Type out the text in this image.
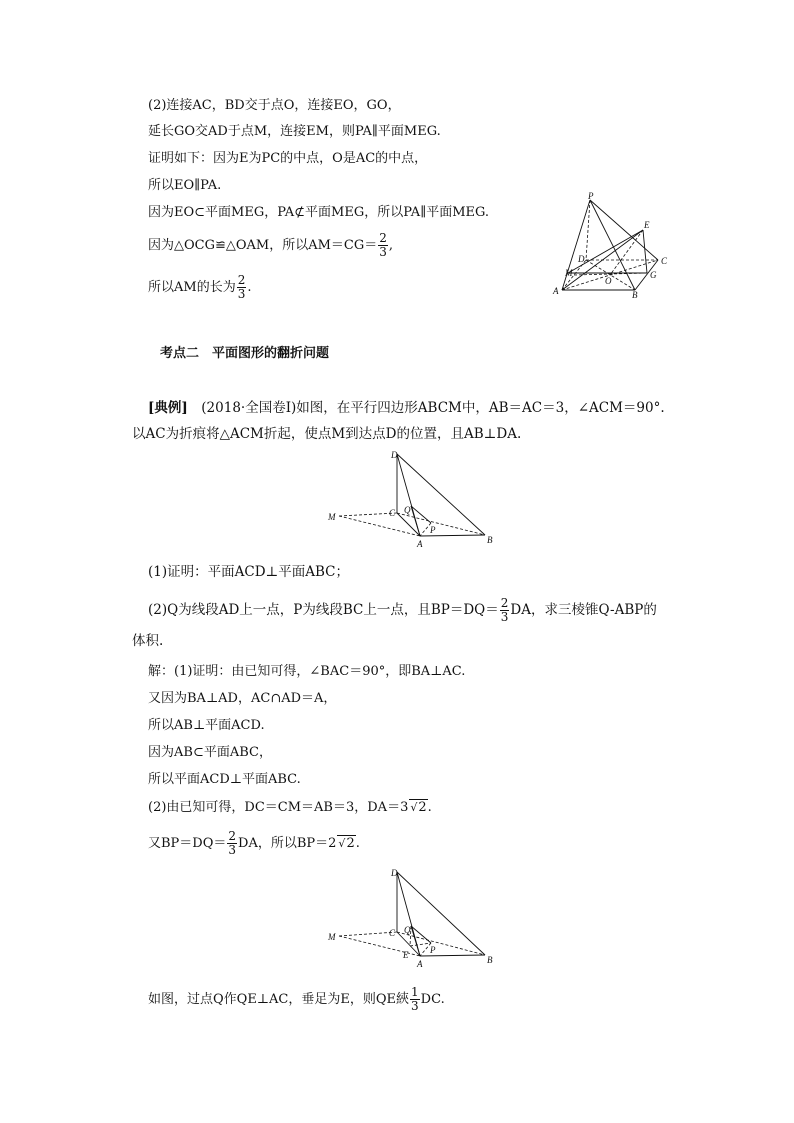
(2)连接AC，BD交于点O，连接EO，GO，
延长GO交AD于点M，连接EM，则PA∥平面MEG.
证明如下：因为E为PC的中点，O是AC的中点，
所以EO∥PA.
因为EO⊂平面MEG，PA⊄平面MEG，所以PA∥平面MEG.
因为△OCG≌△OAM，所以$AM=CG= \frac{2}{3}$ ,
所以AM的长为 $\frac{2}{3}$ .
P
E
D	C
M
O
G
A	B
考点二　平面图形的翻折问题
[典例]　(2018·全国卷Ⅰ)如图，在平行四边形ABCM中，AB＝AC＝3，∠ACM＝90°.
以AC为折痕将△ACM折起，使点M到达点D的位置，且AB⊥DA.
D
M	C Q
P
A	B
(1)证明：平面ACD⊥平面ABC；
(2)Q为线段AD上一点，P为线段BC上一点，且$BP=DQ= \frac{2}{3}$ DA，求三棱锥Q-ABP的
体积.
解：(1)证明：由已知可得，∠BAC＝90°，即BA⊥AC.
又因为BA⊥AD，AC∩AD＝A，
所以AB⊥平面ACD.
因为AB⊂平面ABC，
所以平面ACD⊥平面ABC.
(2)由已知可得，DC＝CM＝AB＝3，DA＝3 √2.
又$BP=DQ= \frac{2}{3}$ DA，所以BP＝2 √2.
D
M	C Q
P
E
A	B
如图，过点Q作QE⊥AC，垂足为E，则QE綊 $\frac{1}{3}$ DC.
